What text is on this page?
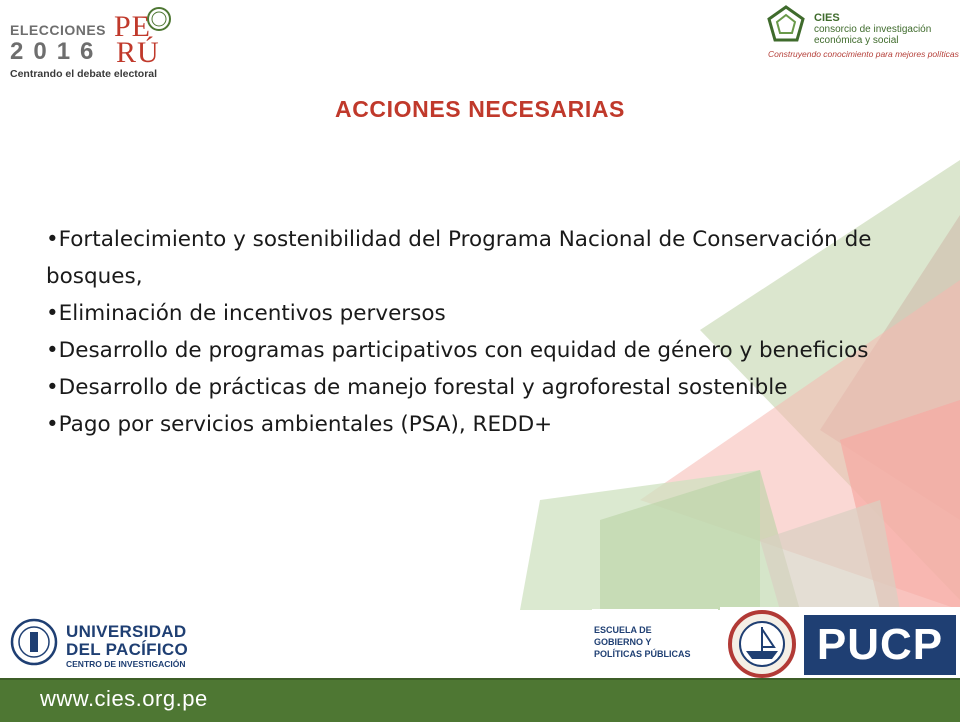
ELECCIONES
2016
PE
RÚ
Centrando el debate electoral
CIES
consorcio de investigación
económica y social
Construyendo conocimiento para mejores políticas
ACCIONES NECESARIAS
•Fortalecimiento y sostenibilidad del Programa Nacional de Conservación de bosques,
•Eliminación de incentivos perversos
•Desarrollo de programas participativos con equidad de género y beneficios
•Desarrollo de prácticas de manejo forestal y agroforestal sostenible
•Pago por servicios ambientales (PSA), REDD+
UNIVERSIDAD
DEL PACÍFICO
CENTRO DE INVESTIGACIÓN
ESCUELA DE
GOBIERNO Y
POLÍTICAS PÚBLICAS	PUCP
www.cies.org.pe
